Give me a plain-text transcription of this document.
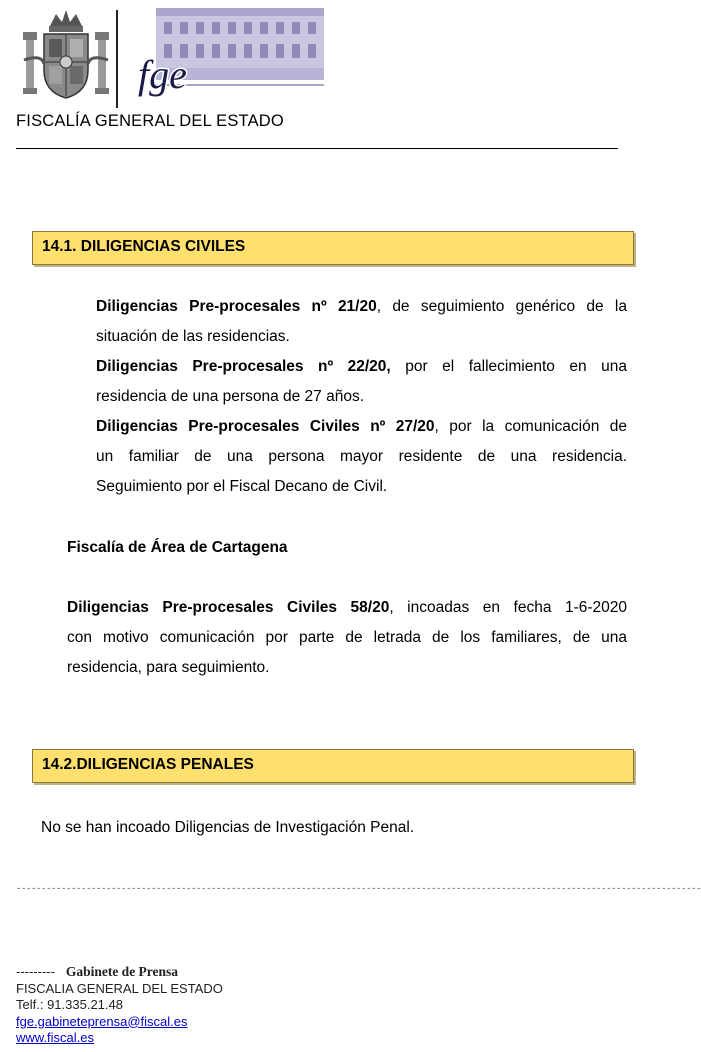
fge
FISCALÍA GENERAL DEL ESTADO
14.1. DILIGENCIAS CIVILES
Diligencias Pre-procesales nº 21/20, de seguimiento genérico de la
situación de las residencias.
Diligencias Pre-procesales nº 22/20, por el fallecimiento en una
residencia de una persona de 27 años.
Diligencias Pre-procesales Civiles nº 27/20, por la comunicación de
un familiar de una persona mayor residente de una residencia.
Seguimiento por el Fiscal Decano de Civil.
Fiscalía de Área de Cartagena
Diligencias Pre-procesales Civiles 58/20, incoadas en fecha 1-6-2020
con motivo comunicación por parte de letrada de los familiares, de una
residencia, para seguimiento.
14.2.DILIGENCIAS PENALES
No se han incoado Diligencias de Investigación Penal.
-----------------------------------------------------------------------------------------------------------------------------------------
--------- Gabinete de Prensa
FISCALIA GENERAL DEL ESTADO
Telf.: 91.335.21.48
fge.gabineteprensa@fiscal.es
www.fiscal.es
